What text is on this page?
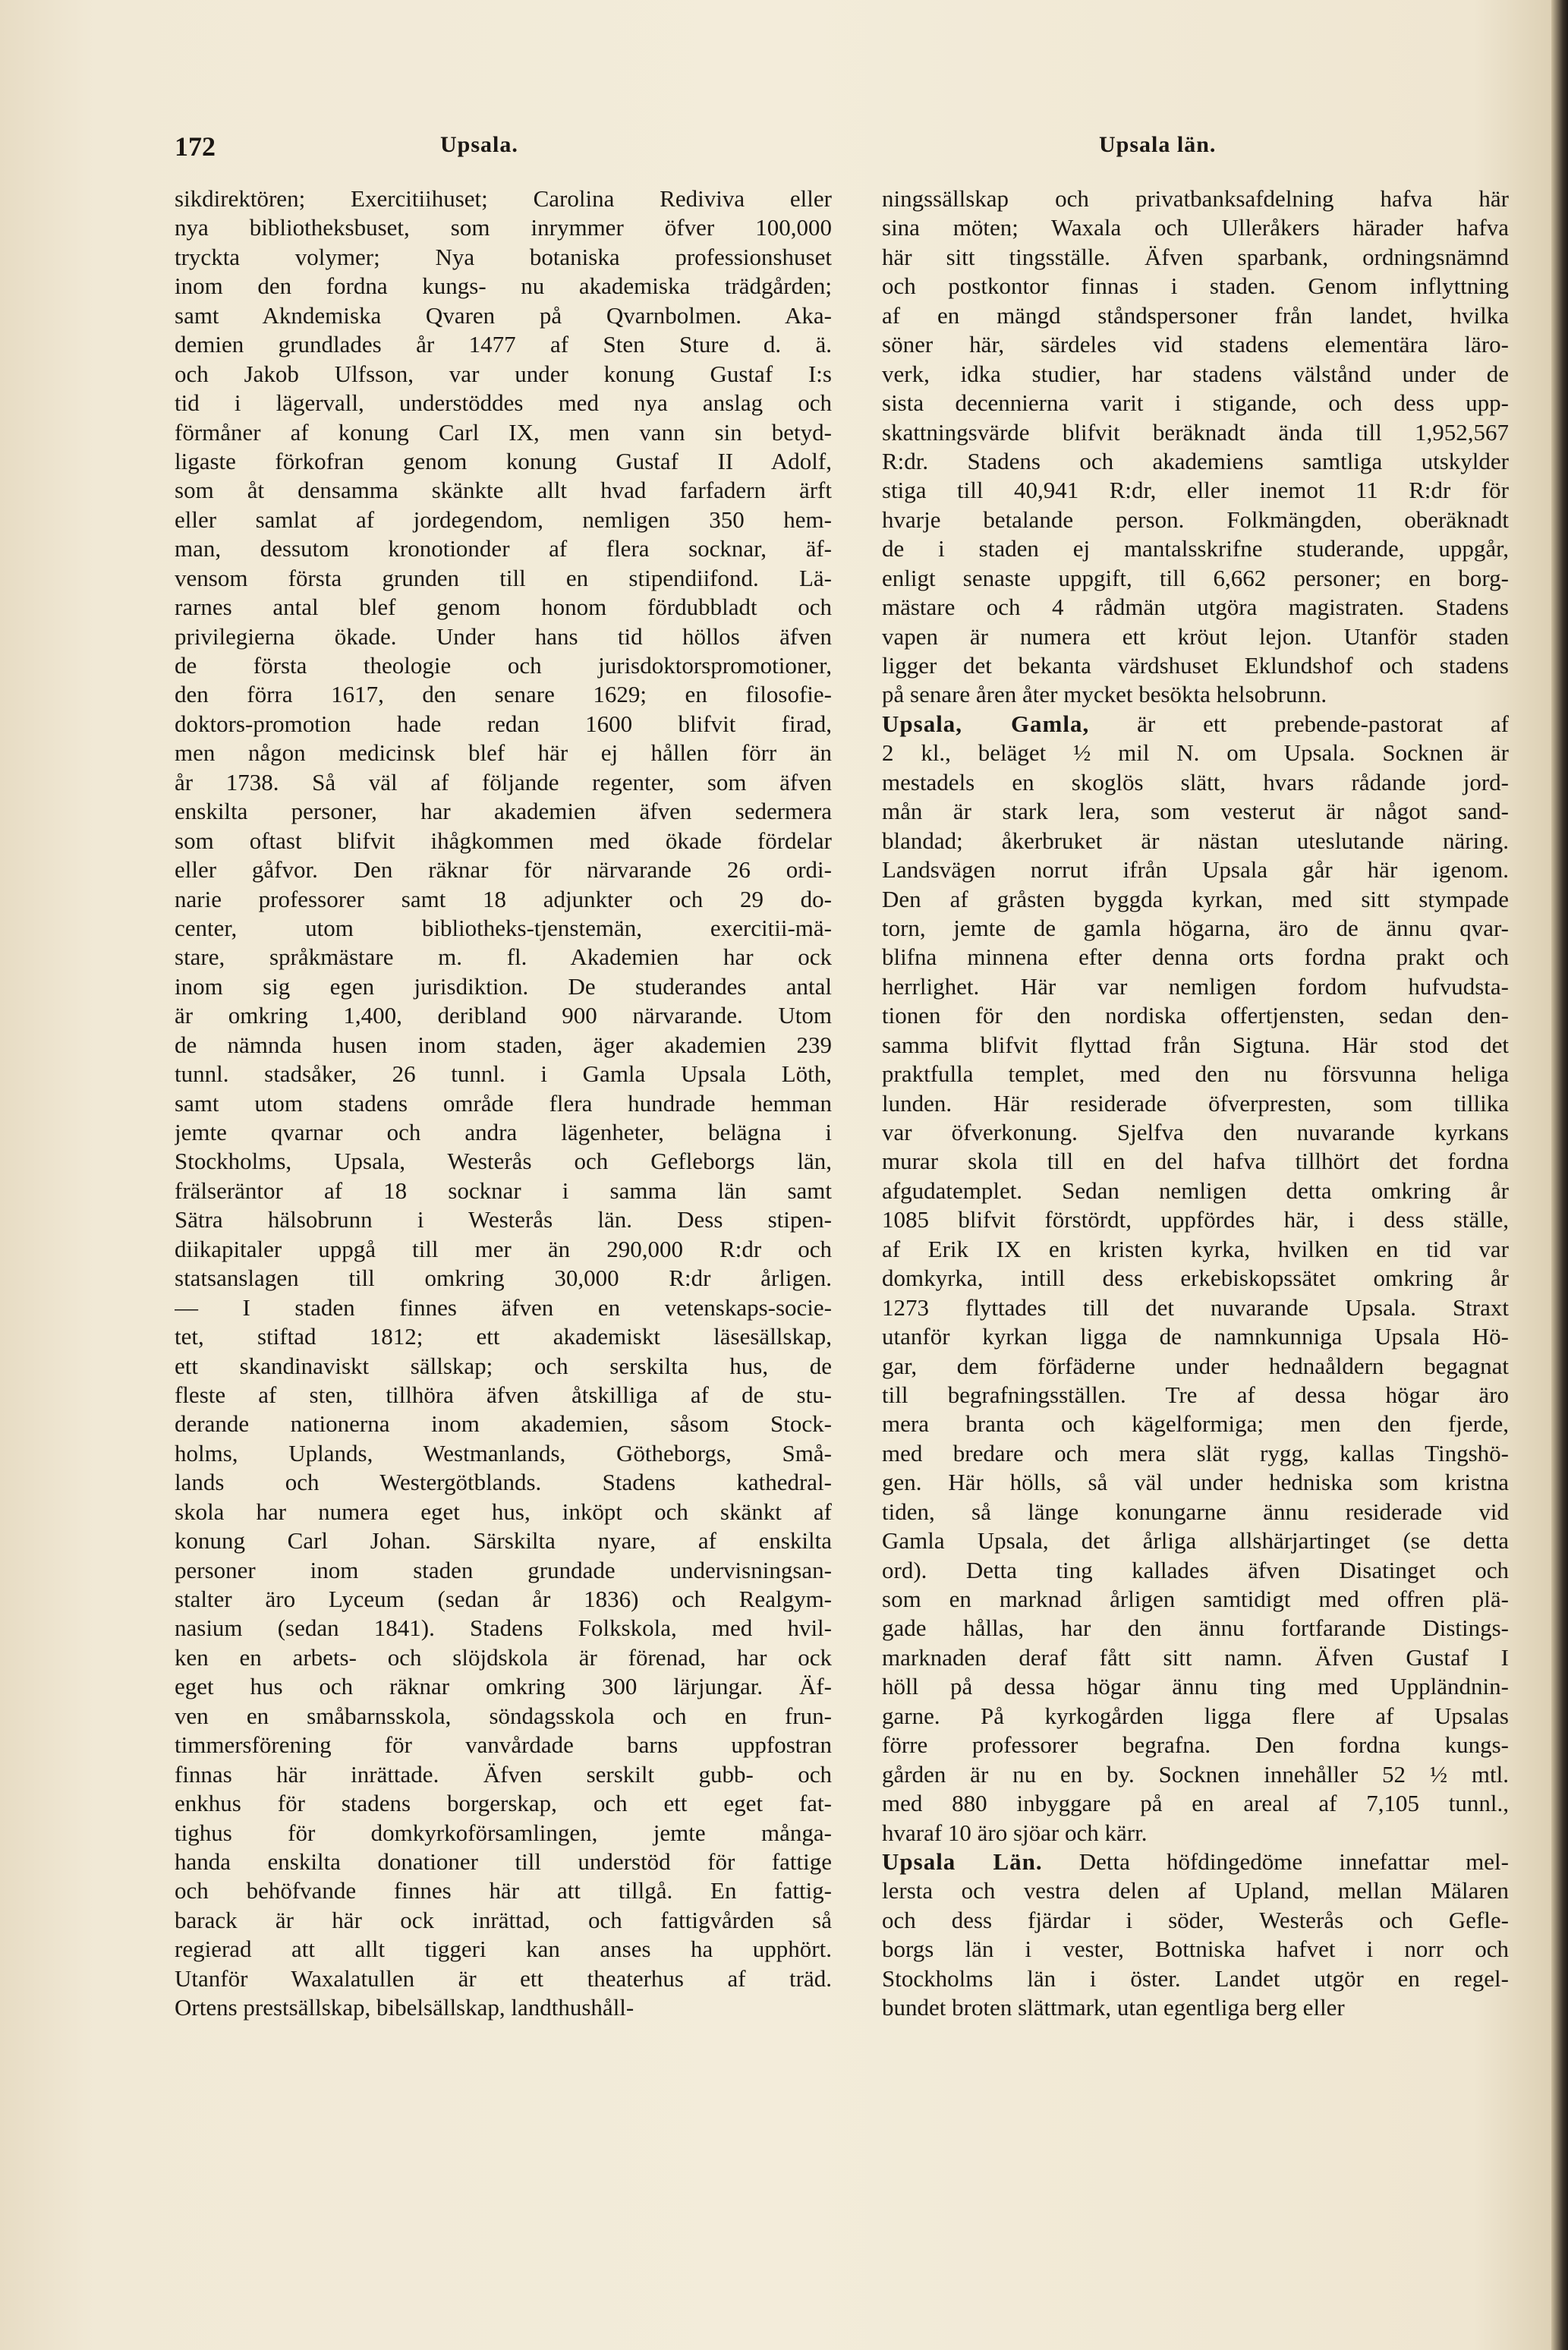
172	Upsala.	Upsala län.

sikdirektören; Exercitiihuset; Carolina Rediviva eller
nya bibliotheksbuset, som inrymmer öfver 100,000
tryckta volymer; Nya botaniska professionshuset
inom den fordna kungs- nu akademiska trädgården;
samt Akndemiska Qvaren på Qvarnbolmen. Aka-
demien grundlades år 1477 af Sten Sture d. ä.
och Jakob Ulfsson, var under konung Gustaf I:s
tid i lägervall, understöddes med nya anslag och
förmåner af konung Carl IX, men vann sin betyd-
ligaste förkofran genom konung Gustaf II Adolf,
som åt densamma skänkte allt hvad farfadern ärft
eller samlat af jordegendom, nemligen 350 hem-
man, dessutom kronotionder af flera socknar, äf-
vensom första grunden till en stipendiifond. Lä-
rarnes antal blef genom honom fördubbladt och
privilegierna ökade. Under hans tid höllos äfven
de första theologie och jurisdoktorspromotioner,
den förra 1617, den senare 1629; en filosofie-
doktors-promotion hade redan 1600 blifvit firad,
men någon medicinsk blef här ej hållen förr än
år 1738. Så väl af följande regenter, som äfven
enskilta personer, har akademien äfven sedermera
som oftast blifvit ihågkommen med ökade fördelar
eller gåfvor. Den räknar för närvarande 26 ordi-
narie professorer samt 18 adjunkter och 29 do-
center, utom bibliotheks-tjenstemän, exercitii-mä-
stare, språkmästare m. fl. Akademien har ock
inom sig egen jurisdiktion. De studerandes antal
är omkring 1,400, deribland 900 närvarande. Utom
de nämnda husen inom staden, äger akademien 239
tunnl. stadsåker, 26 tunnl. i Gamla Upsala Löth,
samt utom stadens område flera hundrade hemman
jemte qvarnar och andra lägenheter, belägna i
Stockholms, Upsala, Westerås och Gefleborgs län,
frälseräntor af 18 socknar i samma län samt
Sätra hälsobrunn i Westerås län. Dess stipen-
diikapitaler uppgå till mer än 290,000 R:dr och
statsanslagen till omkring 30,000 R:dr årligen.
— I staden finnes äfven en vetenskaps-socie-
tet, stiftad 1812; ett akademiskt läsesällskap,
ett skandinaviskt sällskap; och serskilta hus, de
fleste af sten, tillhöra äfven åtskilliga af de stu-
derande nationerna inom akademien, såsom Stock-
holms, Uplands, Westmanlands, Götheborgs, Små-
lands och Westergötblands. Stadens kathedral-
skola har numera eget hus, inköpt och skänkt af
konung Carl Johan. Särskilta nyare, af enskilta
personer inom staden grundade undervisningsan-
stalter äro Lyceum (sedan år 1836) och Realgym-
nasium (sedan 1841). Stadens Folkskola, med hvil-
ken en arbets- och slöjdskola är förenad, har ock
eget hus och räknar omkring 300 lärjungar. Äf-
ven en småbarnsskola, söndagsskola och en frun-
timmersförening för vanvårdade barns uppfostran
finnas här inrättade. Äfven serskilt gubb- och
enkhus för stadens borgerskap, och ett eget fat-
tighus för domkyrkoförsamlingen, jemte många-
handa enskilta donationer till understöd för fattige
och behöfvande finnes här att tillgå. En fattig-
barack är här ock inrättad, och fattigvården så
regierad att allt tiggeri kan anses ha upphört.
Utanför Waxalatullen är ett theaterhus af träd.
Ortens prestsällskap, bibelsällskap, landthushåll-
ningssällskap och privatbanksafdelning hafva här
sina möten; Waxala och Ulleråkers härader hafva
här sitt tingsställe. Äfven sparbank, ordningsnämnd
och postkontor finnas i staden. Genom inflyttning
af en mängd ståndspersoner från landet, hvilka
söner här, särdeles vid stadens elementära läro-
verk, idka studier, har stadens välstånd under de
sista decennierna varit i stigande, och dess upp-
skattningsvärde blifvit beräknadt ända till 1,952,567
R:dr. Stadens och akademiens samtliga utskylder
stiga till 40,941 R:dr, eller inemot 11 R:dr för
hvarje betalande person. Folkmängden, oberäknadt
de i staden ej mantalsskrifne studerande, uppgår,
enligt senaste uppgift, till 6,662 personer; en borg-
mästare och 4 rådmän utgöra magistraten. Stadens
vapen är numera ett kröut lejon. Utanför staden
ligger det bekanta värdshuset Eklundshof och stadens
på senare åren åter mycket besökta helsobrunn.
Upsala, Gamla, är ett prebende-pastorat af
2 kl., beläget ½ mil N. om Upsala. Socknen är
mestadels en skoglös slätt, hvars rådande jord-
mån är stark lera, som vesterut är något sand-
blandad; åkerbruket är nästan uteslutande näring.
Landsvägen norrut ifrån Upsala går här igenom.
Den af gråsten byggda kyrkan, med sitt stympade
torn, jemte de gamla högarna, äro de ännu qvar-
blifna minnena efter denna orts fordna prakt och
herrlighet. Här var nemligen fordom hufvudsta-
tionen för den nordiska offertjensten, sedan den-
samma blifvit flyttad från Sigtuna. Här stod det
praktfulla templet, med den nu försvunna heliga
lunden. Här residerade öfverpresten, som tillika
var öfverkonung. Sjelfva den nuvarande kyrkans
murar skola till en del hafva tillhört det fordna
afgudatemplet. Sedan nemligen detta omkring år
1085 blifvit förstördt, uppfördes här, i dess ställe,
af Erik IX en kristen kyrka, hvilken en tid var
domkyrka, intill dess erkebiskopssätet omkring år
1273 flyttades till det nuvarande Upsala. Straxt
utanför kyrkan ligga de namnkunniga Upsala Hö-
gar, dem förfäderne under hednaåldern begagnat
till begrafningsställen. Tre af dessa högar äro
mera branta och kägelformiga; men den fjerde,
med bredare och mera slät rygg, kallas Tingshö-
gen. Här hölls, så väl under hedniska som kristna
tiden, så länge konungarne ännu residerade vid
Gamla Upsala, det årliga allshärjartinget (se detta
ord). Detta ting kallades äfven Disatinget och
som en marknad årligen samtidigt med offren plä-
gade hållas, har den ännu fortfarande Distings-
marknaden deraf fått sitt namn. Äfven Gustaf I
höll på dessa högar ännu ting med Uppländnin-
garne. På kyrkogården ligga flere af Upsalas
förre professorer begrafna. Den fordna kungs-
gården är nu en by. Socknen innehåller 52 ½ mtl.
med 880 inbyggare på en areal af 7,105 tunnl.,
hvaraf 10 äro sjöar och kärr.
Upsala Län. Detta höfdingedöme innefattar mel-
lersta och vestra delen af Upland, mellan Mälaren
och dess fjärdar i söder, Westerås och Gefle-
borgs län i vester, Bottniska hafvet i norr och
Stockholms län i öster. Landet utgör en regel-
bundet broten slättmark, utan egentliga berg eller
